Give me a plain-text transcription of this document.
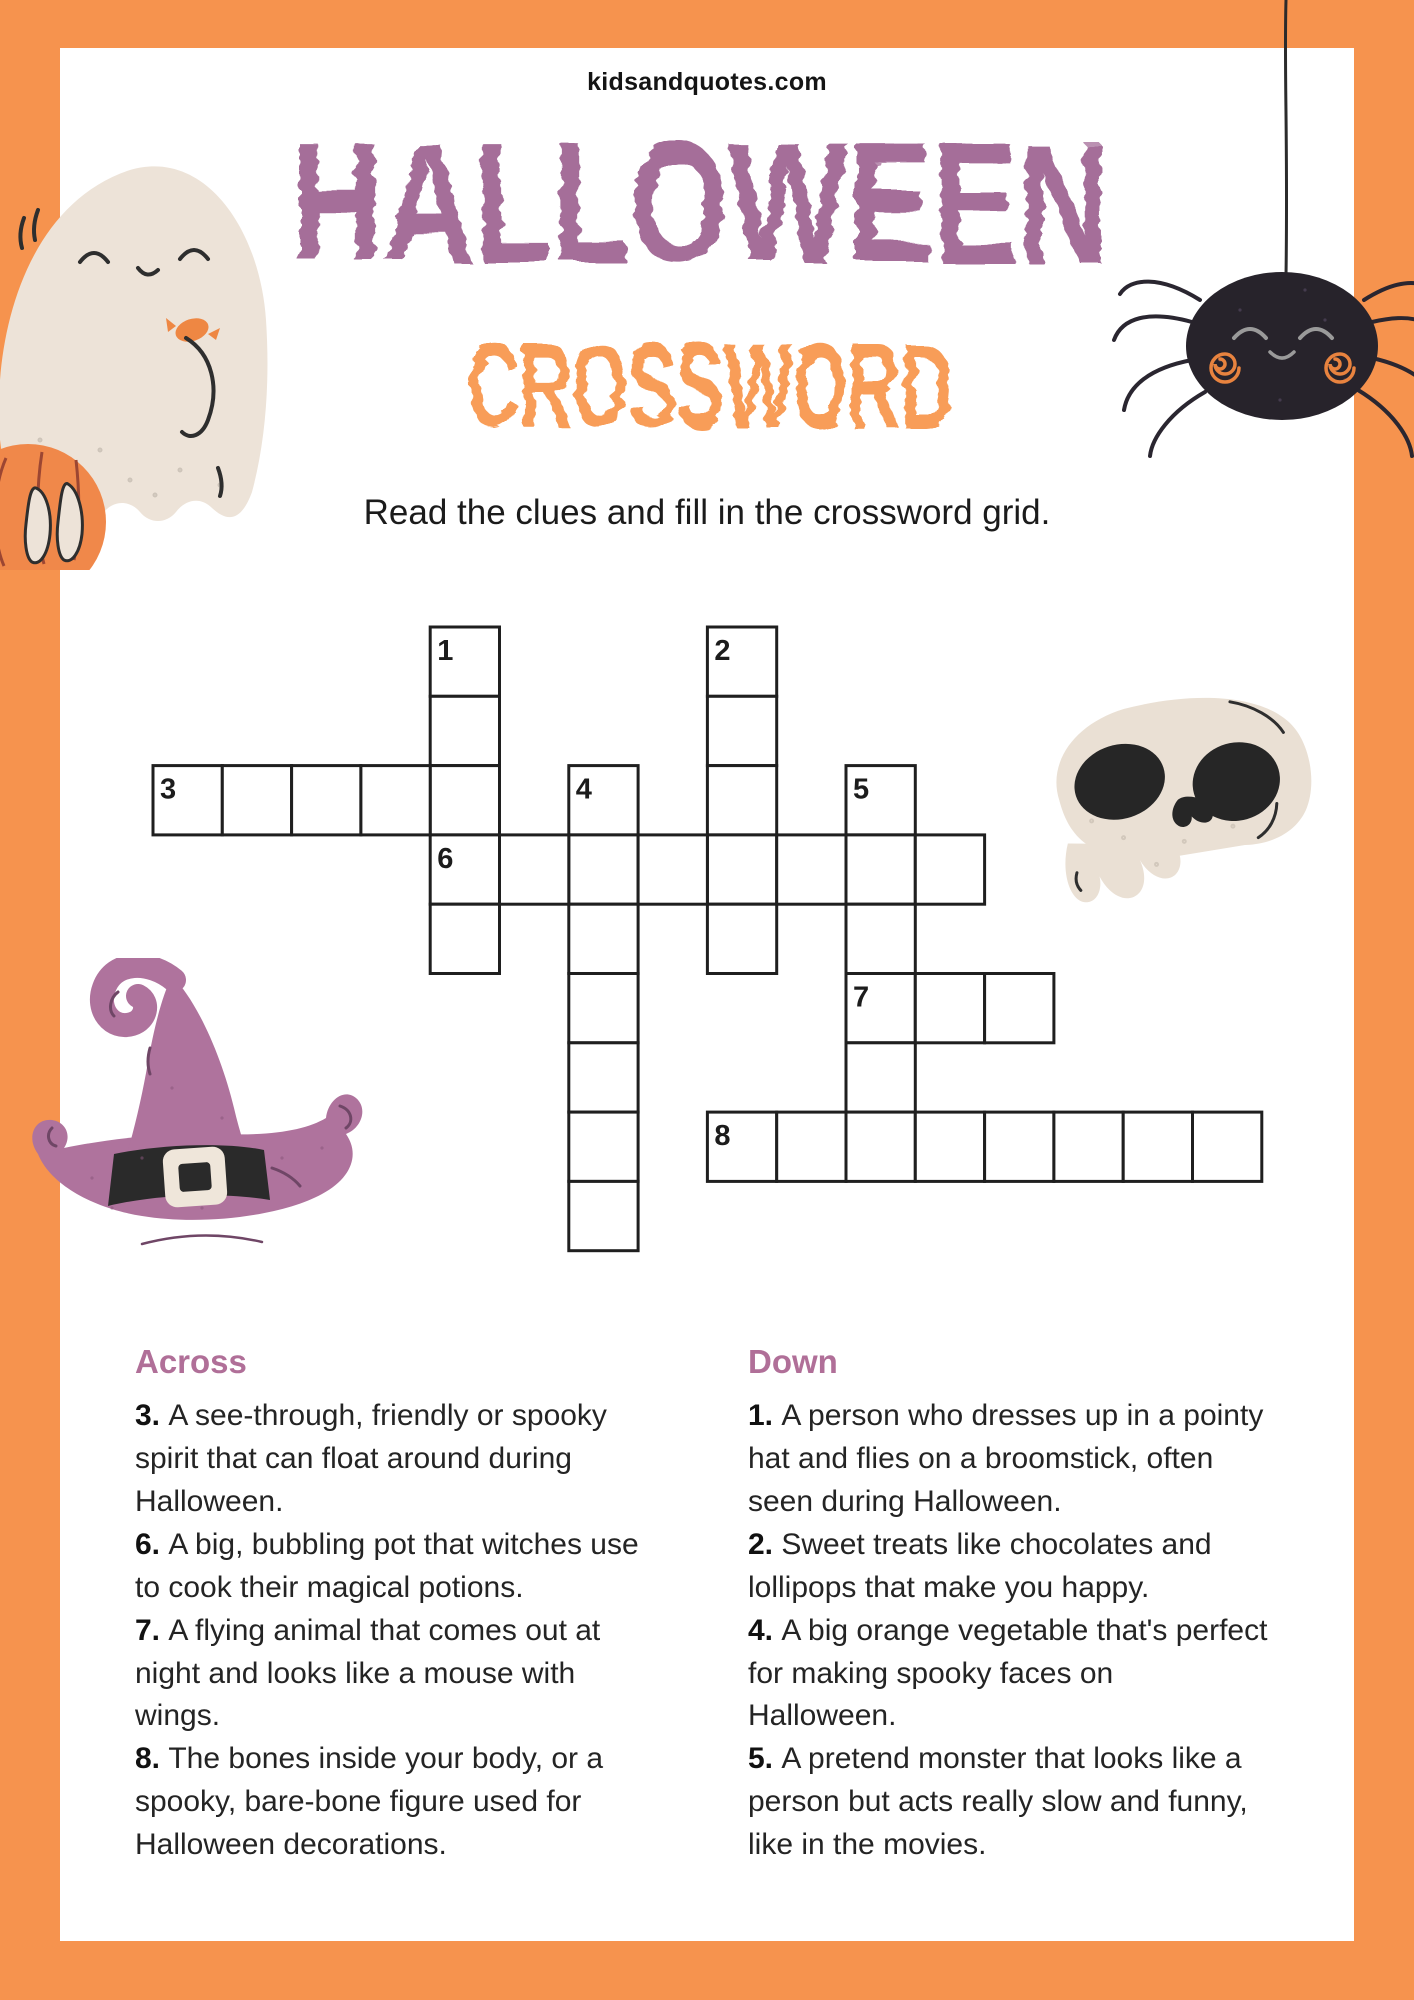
kidsandquotes.com
HALLOWEEN
CROSSWORD
Read the clues and fill in the crossword grid.
1	2
3	4	5
6
7
8
Across

3. A see-through, friendly or spooky spirit that can float around during Halloween.

6. A big, bubbling pot that witches use to cook their magical potions.

7. A flying animal that comes out at night and looks like a mouse with wings.

8. The bones inside your body, or a spooky, bare-bone figure used for Halloween decorations.

Down

1. A person who dresses up in a pointy hat and flies on a broomstick, often seen during Halloween.

2. Sweet treats like chocolates and lollipops that make you happy.

4. A big orange vegetable that's perfect for making spooky faces on Halloween.

5. A pretend monster that looks like a person but acts really slow and funny, like in the movies.
